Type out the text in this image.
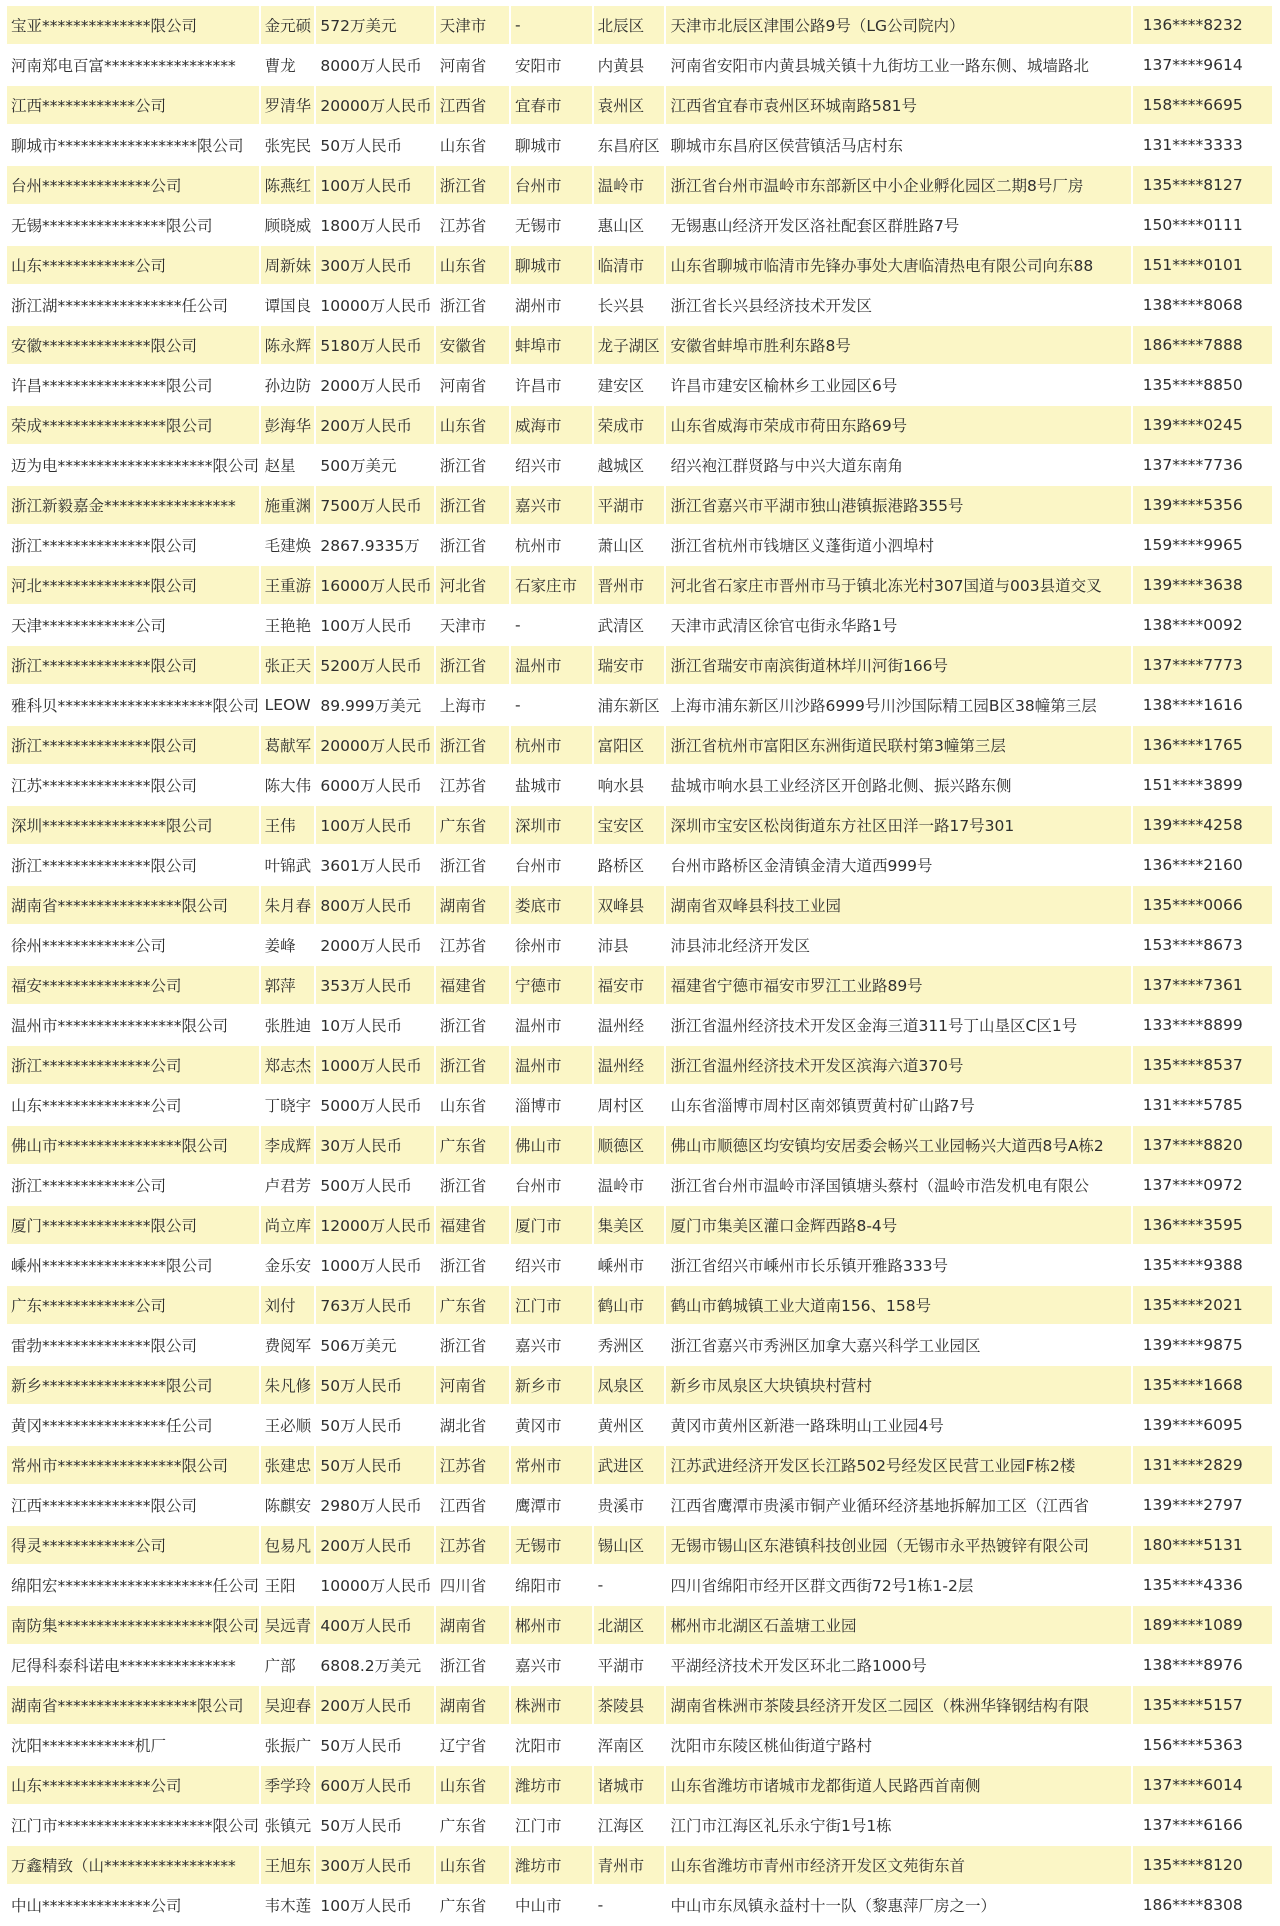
宝亚**************限公司	金元硕	572万美元	天津市	-	北辰区	天津市北辰区津围公路9号（LG公司院内）	136****8232
河南郑电百富*****************	曹龙	8000万人民币	河南省	安阳市	内黄县	河南省安阳市内黄县城关镇十九街坊工业一路东侧、城墙路北	137****9614
江西************公司	罗清华	20000万人民币	江西省	宜春市	袁州区	江西省宜春市袁州区环城南路581号	158****6695
聊城市******************限公司	张宪民	50万人民币	山东省	聊城市	东昌府区	聊城市东昌府区侯营镇活马店村东	131****3333
台州**************公司	陈燕红	100万人民币	浙江省	台州市	温岭市	浙江省台州市温岭市东部新区中小企业孵化园区二期8号厂房	135****8127
无锡****************限公司	顾晓威	1800万人民币	江苏省	无锡市	惠山区	无锡惠山经济开发区洛社配套区群胜路7号	150****0111
山东************公司	周新妹	300万人民币	山东省	聊城市	临清市	山东省聊城市临清市先锋办事处大唐临清热电有限公司向东88	151****0101
浙江湖****************任公司	谭国良	10000万人民币	浙江省	湖州市	长兴县	浙江省长兴县经济技术开发区	138****8068
安徽**************限公司	陈永辉	5180万人民币	安徽省	蚌埠市	龙子湖区	安徽省蚌埠市胜利东路8号	186****7888
许昌****************限公司	孙边防	2000万人民币	河南省	许昌市	建安区	许昌市建安区榆林乡工业园区6号	135****8850
荣成****************限公司	彭海华	200万人民币	山东省	威海市	荣成市	山东省威海市荣成市荷田东路69号	139****0245
迈为电********************限公司	赵星	500万美元	浙江省	绍兴市	越城区	绍兴袍江群贤路与中兴大道东南角	137****7736
浙江新毅嘉金*****************	施重渊	7500万人民币	浙江省	嘉兴市	平湖市	浙江省嘉兴市平湖市独山港镇振港路355号	139****5356
浙江**************限公司	毛建焕	2867.9335万	浙江省	杭州市	萧山区	浙江省杭州市钱塘区义蓬街道小泗埠村	159****9965
河北**************限公司	王重游	16000万人民币	河北省	石家庄市	晋州市	河北省石家庄市晋州市马于镇北冻光村307国道与003县道交叉	139****3638
天津************公司	王艳艳	100万人民币	天津市	-	武清区	天津市武清区徐官屯街永华路1号	138****0092
浙江**************限公司	张正天	5200万人民币	浙江省	温州市	瑞安市	浙江省瑞安市南滨街道林垟川河街166号	137****7773
雅科贝********************限公司	LEOW	89.999万美元	上海市	-	浦东新区	上海市浦东新区川沙路6999号川沙国际精工园B区38幢第三层	138****1616
浙江**************限公司	葛献军	20000万人民币	浙江省	杭州市	富阳区	浙江省杭州市富阳区东洲街道民联村第3幢第三层	136****1765
江苏**************限公司	陈大伟	6000万人民币	江苏省	盐城市	响水县	盐城市响水县工业经济区开创路北侧、振兴路东侧	151****3899
深圳****************限公司	王伟	100万人民币	广东省	深圳市	宝安区	深圳市宝安区松岗街道东方社区田洋一路17号301	139****4258
浙江**************限公司	叶锦武	3601万人民币	浙江省	台州市	路桥区	台州市路桥区金清镇金清大道西999号	136****2160
湖南省****************限公司	朱月春	800万人民币	湖南省	娄底市	双峰县	湖南省双峰县科技工业园	135****0066
徐州************公司	姜峰	2000万人民币	江苏省	徐州市	沛县	沛县沛北经济开发区	153****8673
福安**************公司	郭萍	353万人民币	福建省	宁德市	福安市	福建省宁德市福安市罗江工业路89号	137****7361
温州市****************限公司	张胜迪	10万人民币	浙江省	温州市	温州经	浙江省温州经济技术开发区金海三道311号丁山垦区C区1号	133****8899
浙江**************公司	郑志杰	1000万人民币	浙江省	温州市	温州经	浙江省温州经济技术开发区滨海六道370号	135****8537
山东**************公司	丁晓宇	5000万人民币	山东省	淄博市	周村区	山东省淄博市周村区南郊镇贾黄村矿山路7号	131****5785
佛山市****************限公司	李成辉	30万人民币	广东省	佛山市	顺德区	佛山市顺德区均安镇均安居委会畅兴工业园畅兴大道西8号A栋2	137****8820
浙江************公司	卢君芳	500万人民币	浙江省	台州市	温岭市	浙江省台州市温岭市泽国镇塘头蔡村（温岭市浩发机电有限公	137****0972
厦门**************限公司	尚立库	12000万人民币	福建省	厦门市	集美区	厦门市集美区灌口金辉西路8-4号	136****3595
嵊州****************限公司	金乐安	1000万人民币	浙江省	绍兴市	嵊州市	浙江省绍兴市嵊州市长乐镇开雅路333号	135****9388
广东************公司	刘付	763万人民币	广东省	江门市	鹤山市	鹤山市鹤城镇工业大道南156、158号	135****2021
雷勃**************限公司	费阅军	506万美元	浙江省	嘉兴市	秀洲区	浙江省嘉兴市秀洲区加拿大嘉兴科学工业园区	139****9875
新乡****************限公司	朱凡修	50万人民币	河南省	新乡市	凤泉区	新乡市凤泉区大块镇块村营村	135****1668
黄冈****************任公司	王必顺	50万人民币	湖北省	黄冈市	黄州区	黄冈市黄州区新港一路珠明山工业园4号	139****6095
常州市****************限公司	张建忠	50万人民币	江苏省	常州市	武进区	江苏武进经济开发区长江路502号经发区民营工业园F栋2楼	131****2829
江西**************限公司	陈麒安	2980万人民币	江西省	鹰潭市	贵溪市	江西省鹰潭市贵溪市铜产业循环经济基地拆解加工区（江西省	139****2797
得灵************公司	包易凡	200万人民币	江苏省	无锡市	锡山区	无锡市锡山区东港镇科技创业园（无锡市永平热镀锌有限公司	180****5131
绵阳宏********************任公司	王阳	10000万人民币	四川省	绵阳市	-	四川省绵阳市经开区群文西街72号1栋1-2层	135****4336
南防集********************限公司	吴远青	400万人民币	湖南省	郴州市	北湖区	郴州市北湖区石盖塘工业园	189****1089
尼得科泰科诺电***************	广部	6808.2万美元	浙江省	嘉兴市	平湖市	平湖经济技术开发区环北二路1000号	138****8976
湖南省******************限公司	吴迎春	200万人民币	湖南省	株洲市	茶陵县	湖南省株洲市茶陵县经济开发区二园区（株洲华锋钢结构有限	135****5157
沈阳************机厂	张振广	50万人民币	辽宁省	沈阳市	浑南区	沈阳市东陵区桃仙街道宁路村	156****5363
山东**************公司	季学玲	600万人民币	山东省	潍坊市	诸城市	山东省潍坊市诸城市龙都街道人民路西首南侧	137****6014
江门市********************限公司	张镇元	50万人民币	广东省	江门市	江海区	江门市江海区礼乐永宁街1号1栋	137****6166
万鑫精致（山*****************	王旭东	300万人民币	山东省	潍坊市	青州市	山东省潍坊市青州市经济开发区文苑街东首	135****8120
中山**************公司	韦木莲	100万人民币	广东省	中山市	-	中山市东凤镇永益村十一队（黎惠萍厂房之一）	186****8308
